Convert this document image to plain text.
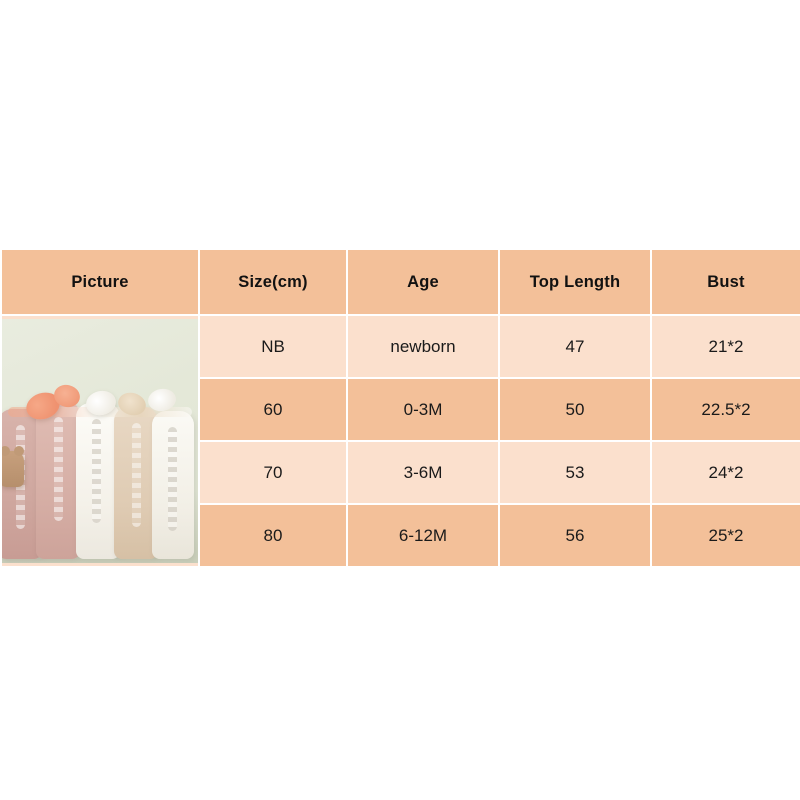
Picture	Size(cm)	Age	Top Length	Bust

	NB	newborn	47	21*2
	60	0-3M	50	22.5*2
	70	3-6M	53	24*2
	80	6-12M	56	25*2
